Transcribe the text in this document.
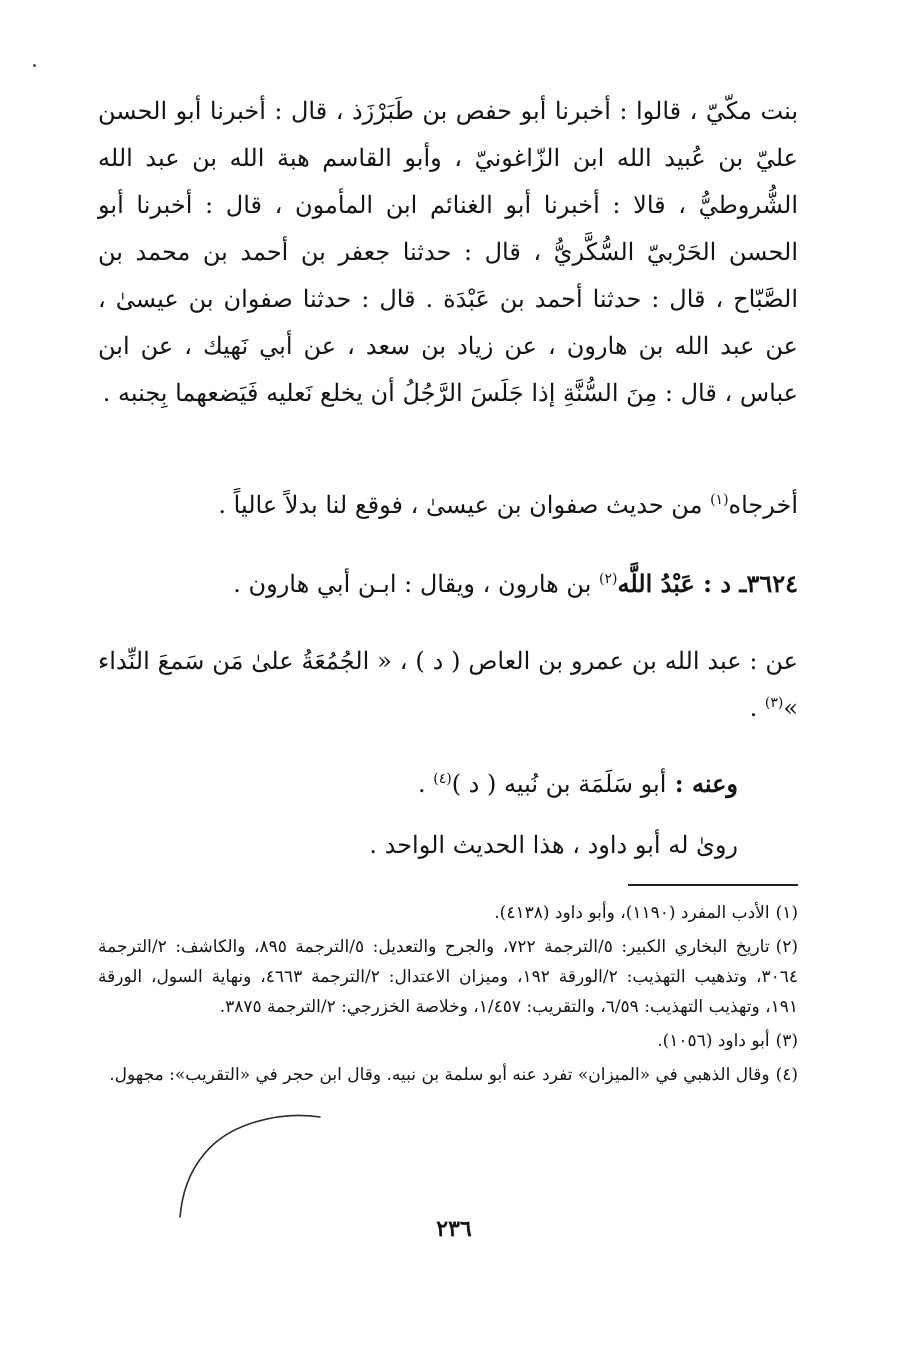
بنت مكّيّ ، قالوا : أخبرنا أبو حفص بن طَبَرْزَذ ، قال : أخبرنا أبو الحسن عليّ بن عُبيد الله ابن الزّاغونيّ ، وأبو القاسم هبة الله بن عبد الله الشُّروطيُّ ، قالا : أخبرنا أبو الغنائم ابن المأمون ، قال : أخبرنا أبو الحسن الحَرْبيّ السُّكَّريُّ ، قال : حدثنا جعفر بن أحمد بن محمد بن الصَّبّاح ، قال : حدثنا أحمد بن عَبْدَة . قال : حدثنا صفوان بن عيسىٰ ، عن عبد الله بن هارون ، عن زياد بن سعد ، عن أبي نَهيك ، عن ابن عباس ، قال : مِنَ السُّنَّةِ إذا جَلَسَ الرَّجُلُ أن يخلع نَعليه فَيَضعهما بِجنبه .

أخرجاه$^{(١)}$ من حديث صفوان بن عيسىٰ ، فوقع لنا بدلاً عالياً .

٣٦٢٤ـ د : عَبْدُ اللَّه$^{(٢)}$ بن هارون ، ويقال : ابـن أبي هارون .

عن : عبد الله بن عمرو بن العاص ( د ) ، « الجُمُعَةُ علىٰ مَن سَمعَ النِّداء »$^{(٣)}$ .

وعنه : أبو سَلَمَة بن نُبيه ( د )$^{(٤)}$ .

روىٰ له أبو داود ، هذا الحديث الواحد .

(١)الأدب المفرد (١١٩٠)، وأبو داود (٤١٣٨).

(٢)تاريخ البخاري الكبير: ٥/الترجمة ٧٢٢، والجرح والتعديل: ٥/الترجمة ٨٩٥، والكاشف: ٢/الترجمة ٣٠٦٤، وتذهيب التهذيب: ٢/الورقة ١٩٢، وميزان الاعتدال: ٢/الترجمة ٤٦٦٣، ونهاية السول، الورقة ١٩١، وتهذيب التهذيب: ٦/٥٩، والتقريب: ١/٤٥٧، وخلاصة الخزرجي: ٢/الترجمة ٣٨٧٥.

(٣)أبو داود (١٠٥٦).

(٤)وقال الذهبي في «الميزان» تفرد عنه أبو سلمة بن نبيه. وقال ابن حجر في «التقريب»: مجهول.

٢٣٦
